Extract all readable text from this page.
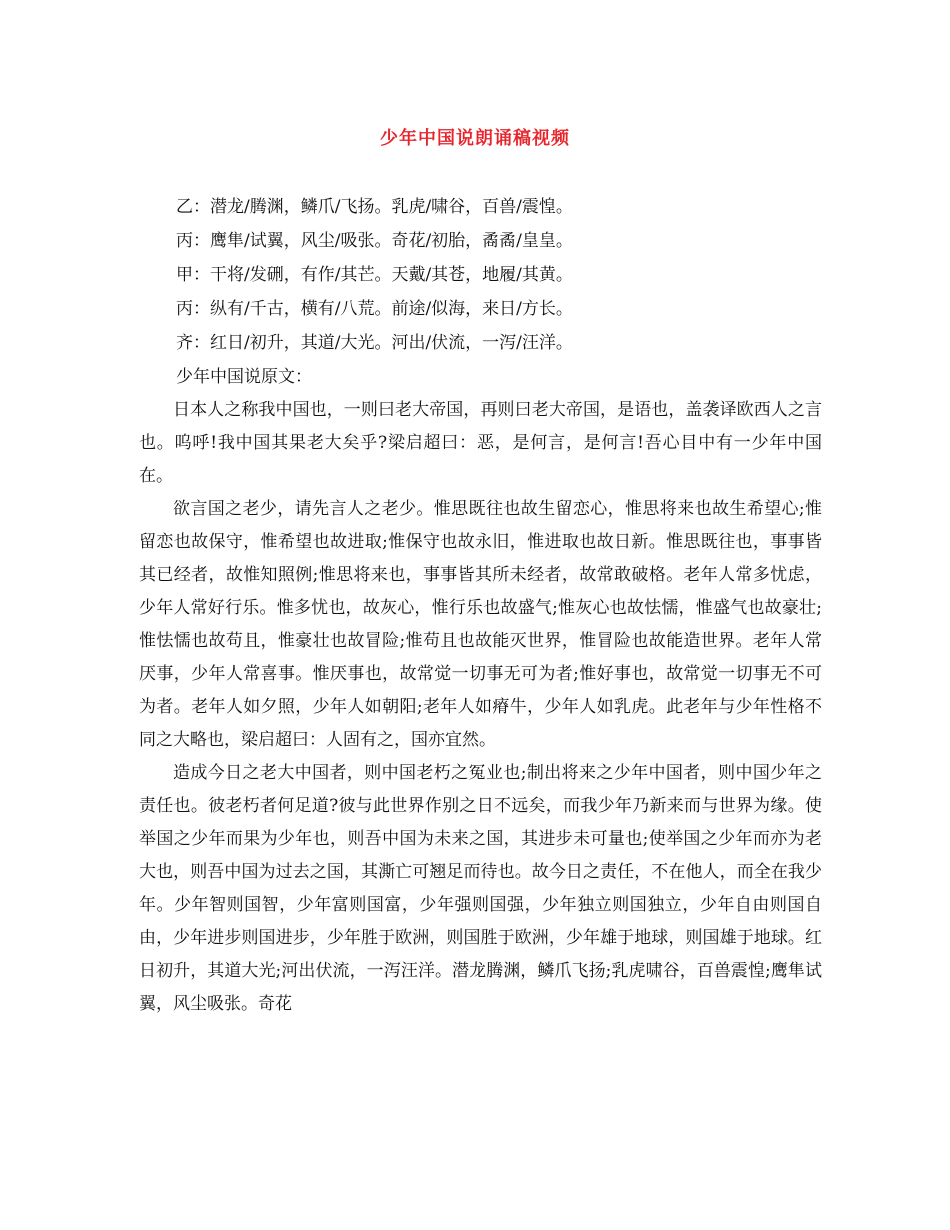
少年中国说朗诵稿视频

乙：潜龙/腾渊，鳞爪/飞扬。乳虎/啸谷，百兽/震惶。

丙：鹰隼/试翼，风尘/吸张。奇花/初胎，矞矞/皇皇。

甲：干将/发硎，有作/其芒。天戴/其苍，地履/其黄。

丙：纵有/千古，横有/八荒。前途/似海，来日/方长。

齐：红日/初升，其道/大光。河出/伏流，一泻/汪洋。

少年中国说原文：

日本人之称我中国也，一则曰老大帝国，再则曰老大帝国，是语也，盖袭译欧西人之言也。呜呼!我中国其果老大矣乎?梁启超曰：恶，是何言，是何言!吾心目中有一少年中国在。

欲言国之老少，请先言人之老少。惟思既往也故生留恋心，惟思将来也故生希望心;惟留恋也故保守，惟希望也故进取;惟保守也故永旧，惟进取也故日新。惟思既往也，事事皆其已经者，故惟知照例;惟思将来也，事事皆其所未经者，故常敢破格。老年人常多忧虑，少年人常好行乐。惟多忧也，故灰心，惟行乐也故盛气;惟灰心也故怯懦，惟盛气也故豪壮;惟怯懦也故苟且，惟豪壮也故冒险;惟苟且也故能灭世界，惟冒险也故能造世界。老年人常厌事，少年人常喜事。惟厌事也，故常觉一切事无可为者;惟好事也，故常觉一切事无不可为者。老年人如夕照，少年人如朝阳;老年人如瘠牛，少年人如乳虎。此老年与少年性格不同之大略也，梁启超曰：人固有之，国亦宜然。

造成今日之老大中国者，则中国老朽之冤业也;制出将来之少年中国者，则中国少年之责任也。彼老朽者何足道?彼与此世界作别之日不远矣，而我少年乃新来而与世界为缘。使举国之少年而果为少年也，则吾中国为未来之国，其进步未可量也;使举国之少年而亦为老大也，则吾中国为过去之国，其澌亡可翘足而待也。故今日之责任，不在他人，而全在我少年。少年智则国智，少年富则国富，少年强则国强，少年独立则国独立，少年自由则国自由，少年进步则国进步，少年胜于欧洲，则国胜于欧洲，少年雄于地球，则国雄于地球。红日初升，其道大光;河出伏流，一泻汪洋。潜龙腾渊，鳞爪飞扬;乳虎啸谷，百兽震惶;鹰隼试翼，风尘吸张。奇花
